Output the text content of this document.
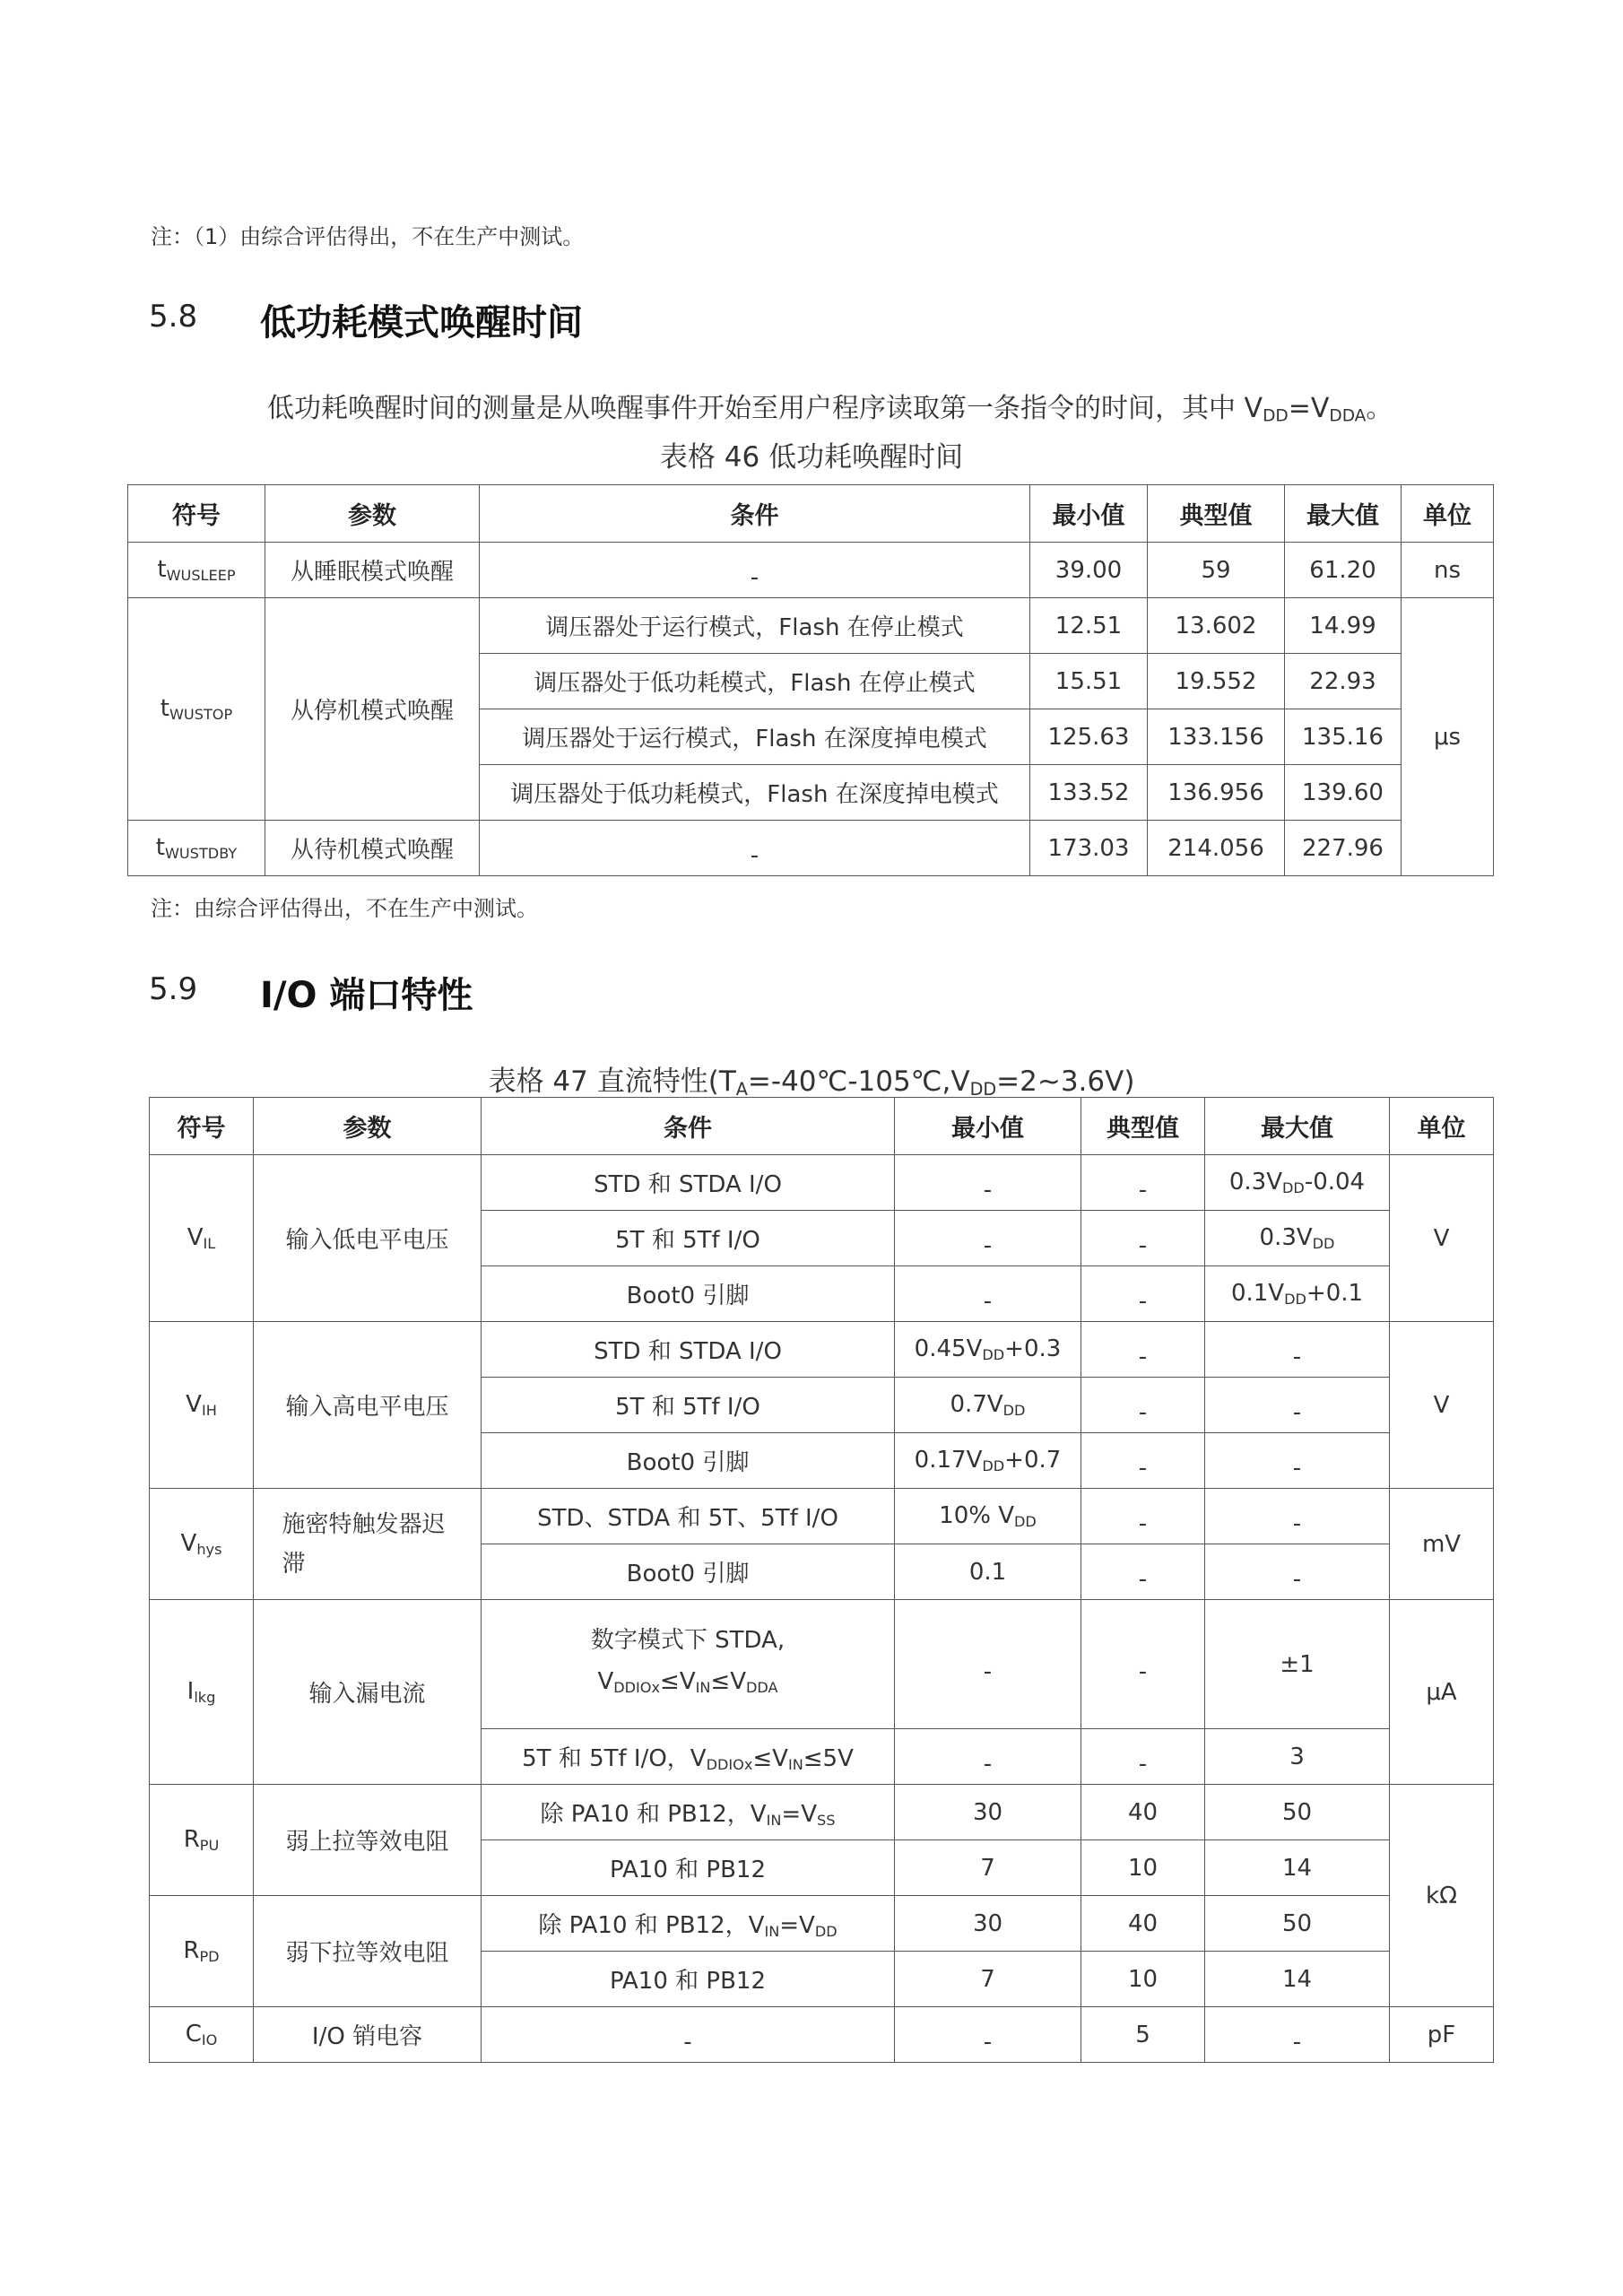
注：（1）由综合评估得出，不在生产中测试。
5.8 低功耗模式唤醒时间
低功耗唤醒时间的测量是从唤醒事件开始至用户程序读取第一条指令的时间，其中 $V_{DD}=V_{DDA}$。
表格 46 低功耗唤醒时间
符号	参数	条件	最小值	典型值	最大值	单位
$t_{WUSLEEP}$	从睡眠模式唤醒	-	39.00	59	61.20	ns
$t_{WUSTOP}$	从停机模式唤醒	调压器处于运行模式，Flash 在停止模式	12.51	13.602	14.99	μs
		调压器处于低功耗模式，Flash 在停止模式	15.51	19.552	22.93	
		调压器处于运行模式，Flash 在深度掉电模式	125.63	133.156	135.16	
		调压器处于低功耗模式，Flash 在深度掉电模式	133.52	136.956	139.60	
$t_{WUSTDBY}$	从待机模式唤醒	-	173.03	214.056	227.96	
注：由综合评估得出，不在生产中测试。
5.9 I/O 端口特性
表格 47 直流特性$(T_A=-40℃-105℃,V_{DD}=2\sim 3.6V)$
符号	参数	条件	最小值	典型值	最大值	单位
$V_{IL}$	输入低电平电压	STD 和 STDA I/O	-	-	$0.3V_{DD}-0.04$	V
		5T 和 5Tf I/O	-	-	$0.3V_{DD}$
		Boot0 引脚	-	-	$0.1V_{DD}+0.1$	
$V_{IH}$	输入高电平电压	STD 和 STDA I/O	$0.45V_{DD}+0.3$	-	-	V
		5T 和 5Tf I/O	$0.7V_{DD}$	-	-	
		Boot0 引脚	$0.17V_{DD}+0.7$	-	-	
$V_{hys}$	施密特触发器迟滞	STD、STDA 和 5T、5Tf I/O	10% $V_{DD}$	-	-	mV
		Boot0 引脚	0.1	-	-	
$I_{lkg}$	输入漏电流	数字模式下 STDA,
$V_{DDIOx}\le V_{IN}\le V_{DDA}$	-	-	±1	μA
		5T 和 5Tf I/O，$V_{DDIOx}\le V_{IN}\le 5V$	-	-	3	
$R_{PU}$	弱上拉等效电阻	除 PA10 和 PB12，$V_{IN}=V_{SS}$	30	40	50	kΩ
		PA10 和 PB12	7	10	14	
$R_{PD}$	弱下拉等效电阻	除 PA10 和 PB12，$V_{IN}=V_{DD}$	30	40	50	
		PA10 和 PB12	7	10	14	
$C_{IO}$	I/O 销电容	-	-	5	-	pF
